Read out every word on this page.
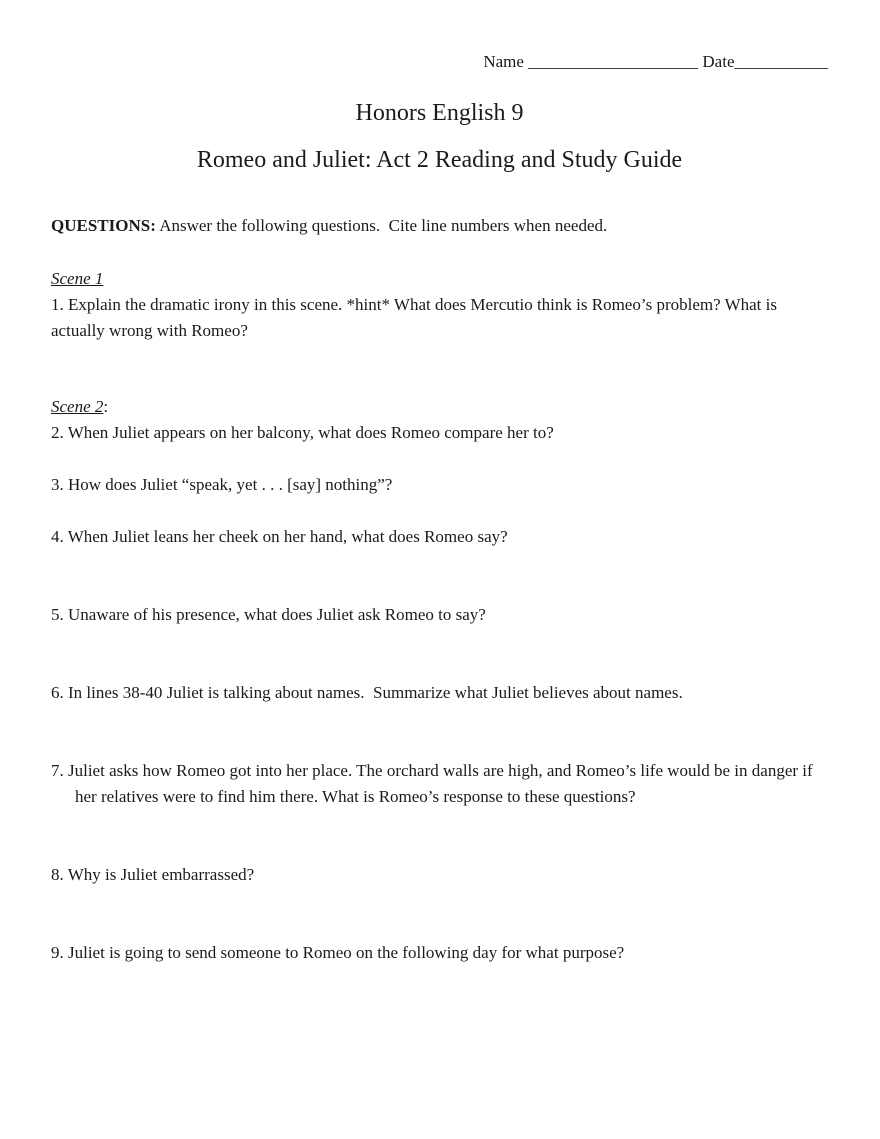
Name ____________________ Date___________

Honors English 9

Romeo and Juliet: Act 2 Reading and Study Guide

QUESTIONS: Answer the following questions.  Cite line numbers when needed.

Scene 1

1. Explain the dramatic irony in this scene. *hint* What does Mercutio think is Romeo’s problem? What is actually wrong with Romeo?

Scene 2:

2. When Juliet appears on her balcony, what does Romeo compare her to?

3. How does Juliet “speak, yet . . . [say] nothing”?

4. When Juliet leans her cheek on her hand, what does Romeo say?

5. Unaware of his presence, what does Juliet ask Romeo to say?

6. In lines 38-40 Juliet is talking about names.  Summarize what Juliet believes about names.

7. Juliet asks how Romeo got into her place. The orchard walls are high, and Romeo’s life would be in danger if her relatives were to find him there. What is Romeo’s response to these questions?

8. Why is Juliet embarrassed?

9. Juliet is going to send someone to Romeo on the following day for what purpose?
